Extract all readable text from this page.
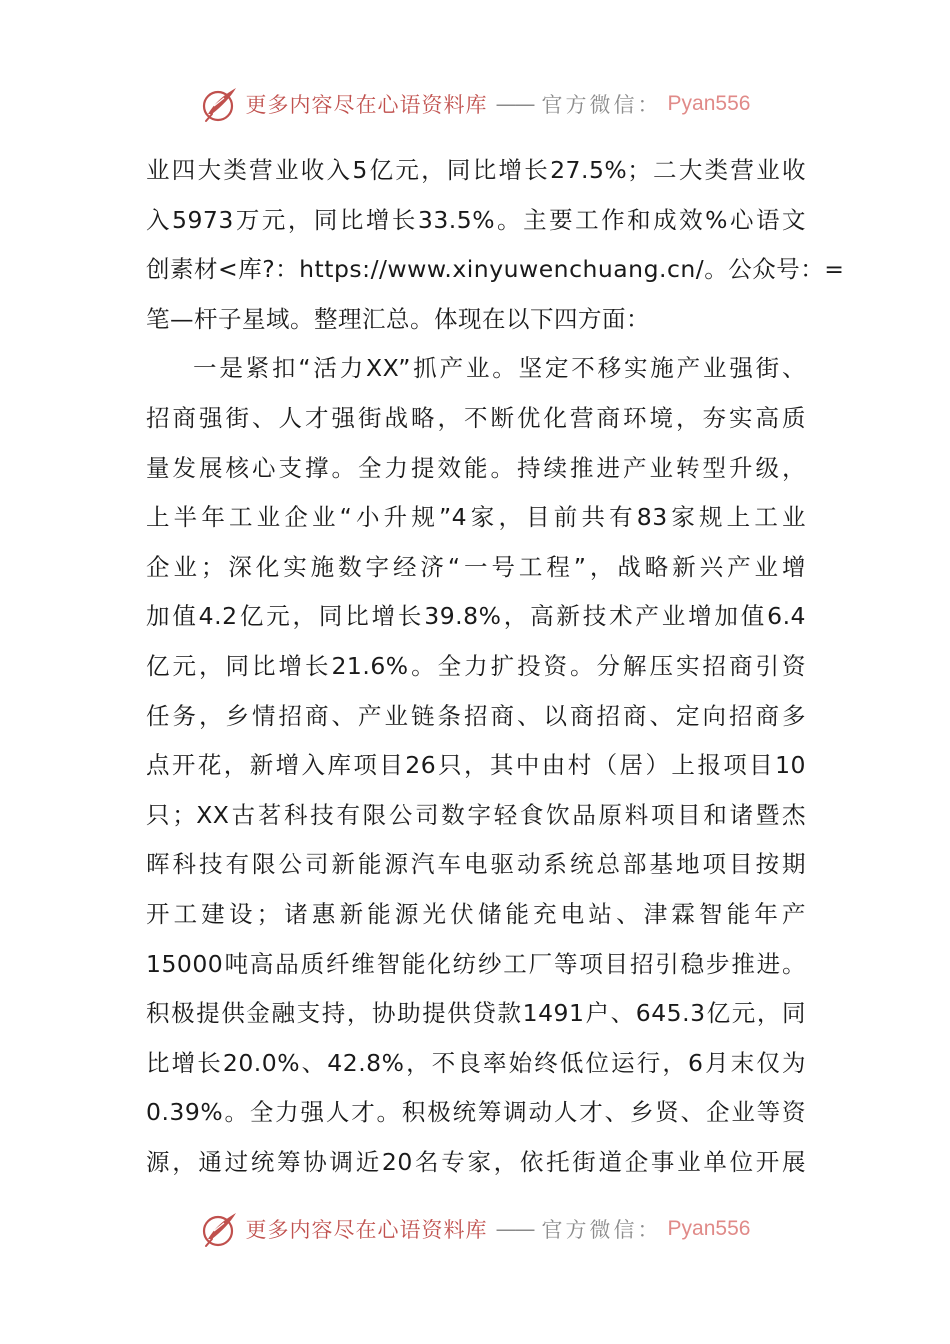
更多内容尽在心语资料库 —— 官方微信： Pyan556
业四大类营业收入5亿元，同比增长27.5%；二大类营业收
入5973万元，同比增长33.5%。主要工作和成效%心语文
创素材<库?：https://www.xinyuwenchuang.cn/。公众号：=
笔—杆子星域。整理汇总。体现在以下四方面：
一是紧扣“活力XX”抓产业。坚定不移实施产业强街、
招商强街、人才强街战略，不断优化营商环境，夯实高质
量发展核心支撑。全力提效能。持续推进产业转型升级，
上半年工业企业“小升规”4家，目前共有83家规上工业
企业；深化实施数字经济“一号工程”，战略新兴产业增
加值4.2亿元，同比增长39.8%，高新技术产业增加值6.4
亿元，同比增长21.6%。全力扩投资。分解压实招商引资
任务，乡情招商、产业链条招商、以商招商、定向招商多
点开花，新增入库项目26只，其中由村（居）上报项目10
只；XX古茗科技有限公司数字轻食饮品原料项目和诸暨杰
晖科技有限公司新能源汽车电驱动系统总部基地项目按期
开工建设；诸惠新能源光伏储能充电站、津霖智能年产
15000吨高品质纤维智能化纺纱工厂等项目招引稳步推进。
积极提供金融支持，协助提供贷款1491户、645.3亿元，同
比增长20.0%、42.8%，不良率始终低位运行，6月末仅为
0.39%。全力强人才。积极统筹调动人才、乡贤、企业等资
源，通过统筹协调近20名专家，依托街道企事业单位开展
更多内容尽在心语资料库 —— 官方微信： Pyan556
